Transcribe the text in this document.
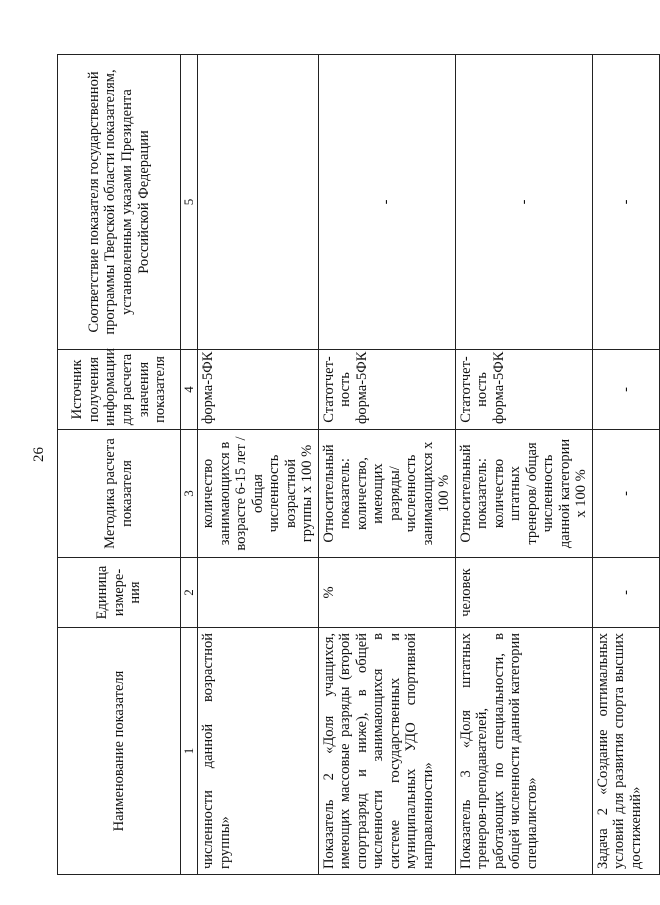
26
Наименование показателя	Единица измере-ния	Методика расчета показателя	Источник получения информации для расчета значения показателя	Соответствие показателя государственной программы Тверской области показателям, установленным указами Президента Российской Федерации
1	2	3	4	5
численности данной возрастной группы»		количество занимающихся в возрасте 6-15 лет / общая численность возрастной группы х 100 %	форма-5ФК	
Показатель 2 «Доля учащихся, имеющих массовые разряды (второй спортразряд и ниже), в общей численности занимающихся в системе государственных и муниципальных УДО спортивной направленности»	%	Относительный показатель: количество, имеющих разряды/ численность занимающихся х 100 %	Статотчет-ность форма-5ФК	-
Показатель 3 «Доля штатных тренеров-преподавателей, работающих по специальности, в общей численности данной категории специалистов»	человек	Относительный показатель: количество штатных тренеров/ общая численность данной категории х 100 %	Статотчет-ность форма-5ФК	-
Задача 2 «Создание оптимальных условий для развития спорта высших достижений»	-	-	-	-
